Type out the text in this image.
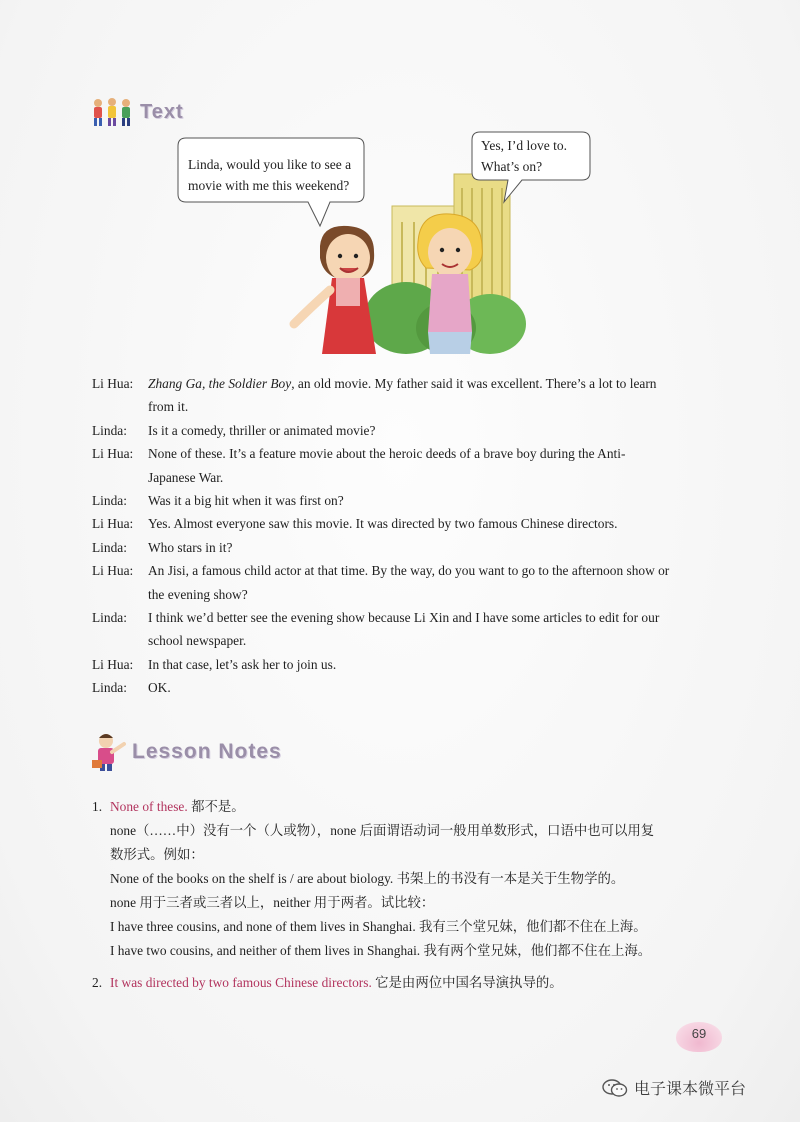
Text
Linda, would you like to see a
movie with me this weekend?
Yes, I’d love to.
What’s on?
Li Hua:	Zhang Ga, the Soldier Boy, an old movie. My father said it was excellent. There’s a lot to learn
from it.
Linda:	Is it a comedy, thriller or animated movie?
Li Hua:	None of these. It’s a feature movie about the heroic deeds of a brave boy during the Anti-
Japanese War.
Linda:	Was it a big hit when it was first on?
Li Hua:	Yes. Almost everyone saw this movie. It was directed by two famous Chinese directors.
Linda:	Who stars in it?
Li Hua:	An Jisi, a famous child actor at that time. By the way, do you want to go to the afternoon show or
the evening show?
Linda:	I think we’d better see the evening show because Li Xin and I have some articles to edit for our
school newspaper.
Li Hua:	In that case, let’s ask her to join us.
Linda:	OK.
Lesson Notes
1. None of these. 都不是。
none（……中）没有一个（人或物），none 后面谓语动词一般用单数形式，口语中也可以用复
数形式。例如：
None of the books on the shelf is / are about biology. 书架上的书没有一本是关于生物学的。
none 用于三者或三者以上，neither 用于两者。试比较：
I have three cousins, and none of them lives in Shanghai. 我有三个堂兄妹，他们都不住在上海。
I have two cousins, and neither of them lives in Shanghai. 我有两个堂兄妹，他们都不住在上海。
2. It was directed by two famous Chinese directors. 它是由两位中国名导演执导的。
69
电子课本微平台
